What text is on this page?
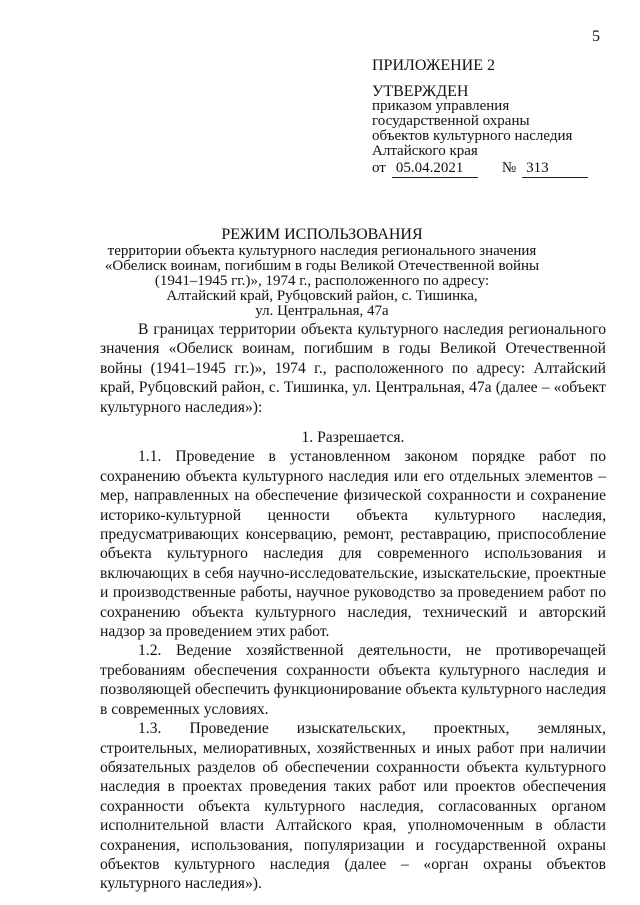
5
ПРИЛОЖЕНИЕ 2
УТВЕРЖДЕН
приказом управления
государственной охраны
объектов культурного наследия
Алтайского края
от 05.04.2021	№ 313
РЕЖИМ ИСПОЛЬЗОВАНИЯ
территории объекта культурного наследия регионального значения
«Обелиск воинам, погибшим в годы Великой Отечественной войны
(1941–1945 гг.)», 1974 г., расположенного по адресу:
Алтайский край, Рубцовский район, с. Тишинка,
ул. Центральная, 47а

В границах территории объекта культурного наследия регионального значения «Обелиск воинам, погибшим в годы Великой Отечественной войны (1941–1945 гг.)», 1974 г., расположенного по адресу: Алтайский край, Рубцовский район, с. Тишинка, ул. Центральная, 47а (далее – «объект культурного наследия»):

1. Разрешается.

1.1. Проведение в установленном законом порядке работ по сохранению объекта культурного наследия или его отдельных элементов – мер, направленных на обеспечение физической сохранности и сохранение историко-культурной ценности объекта культурного наследия, предусматривающих консервацию, ремонт, реставрацию, приспособление объекта культурного наследия для современного использования и включающих в себя научно-исследовательские, изыскательские, проектные и производственные работы, научное руководство за проведением работ по сохранению объекта культурного наследия, технический и авторский надзор за проведением этих работ.

1.2. Ведение хозяйственной деятельности, не противоречащей требованиям обеспечения сохранности объекта культурного наследия и позволяющей обеспечить функционирование объекта культурного наследия в современных условиях.

1.3. Проведение изыскательских, проектных, земляных, строительных, мелиоративных, хозяйственных и иных работ при наличии обязательных разделов об обеспечении сохранности объекта культурного наследия в проектах проведения таких работ или проектов обеспечения сохранности объекта культурного наследия, согласованных органом исполнительной власти Алтайского края, уполномоченным в области сохранения, использования, популяризации и государственной охраны объектов культурного наследия (далее – «орган охраны объектов культурного наследия»).
